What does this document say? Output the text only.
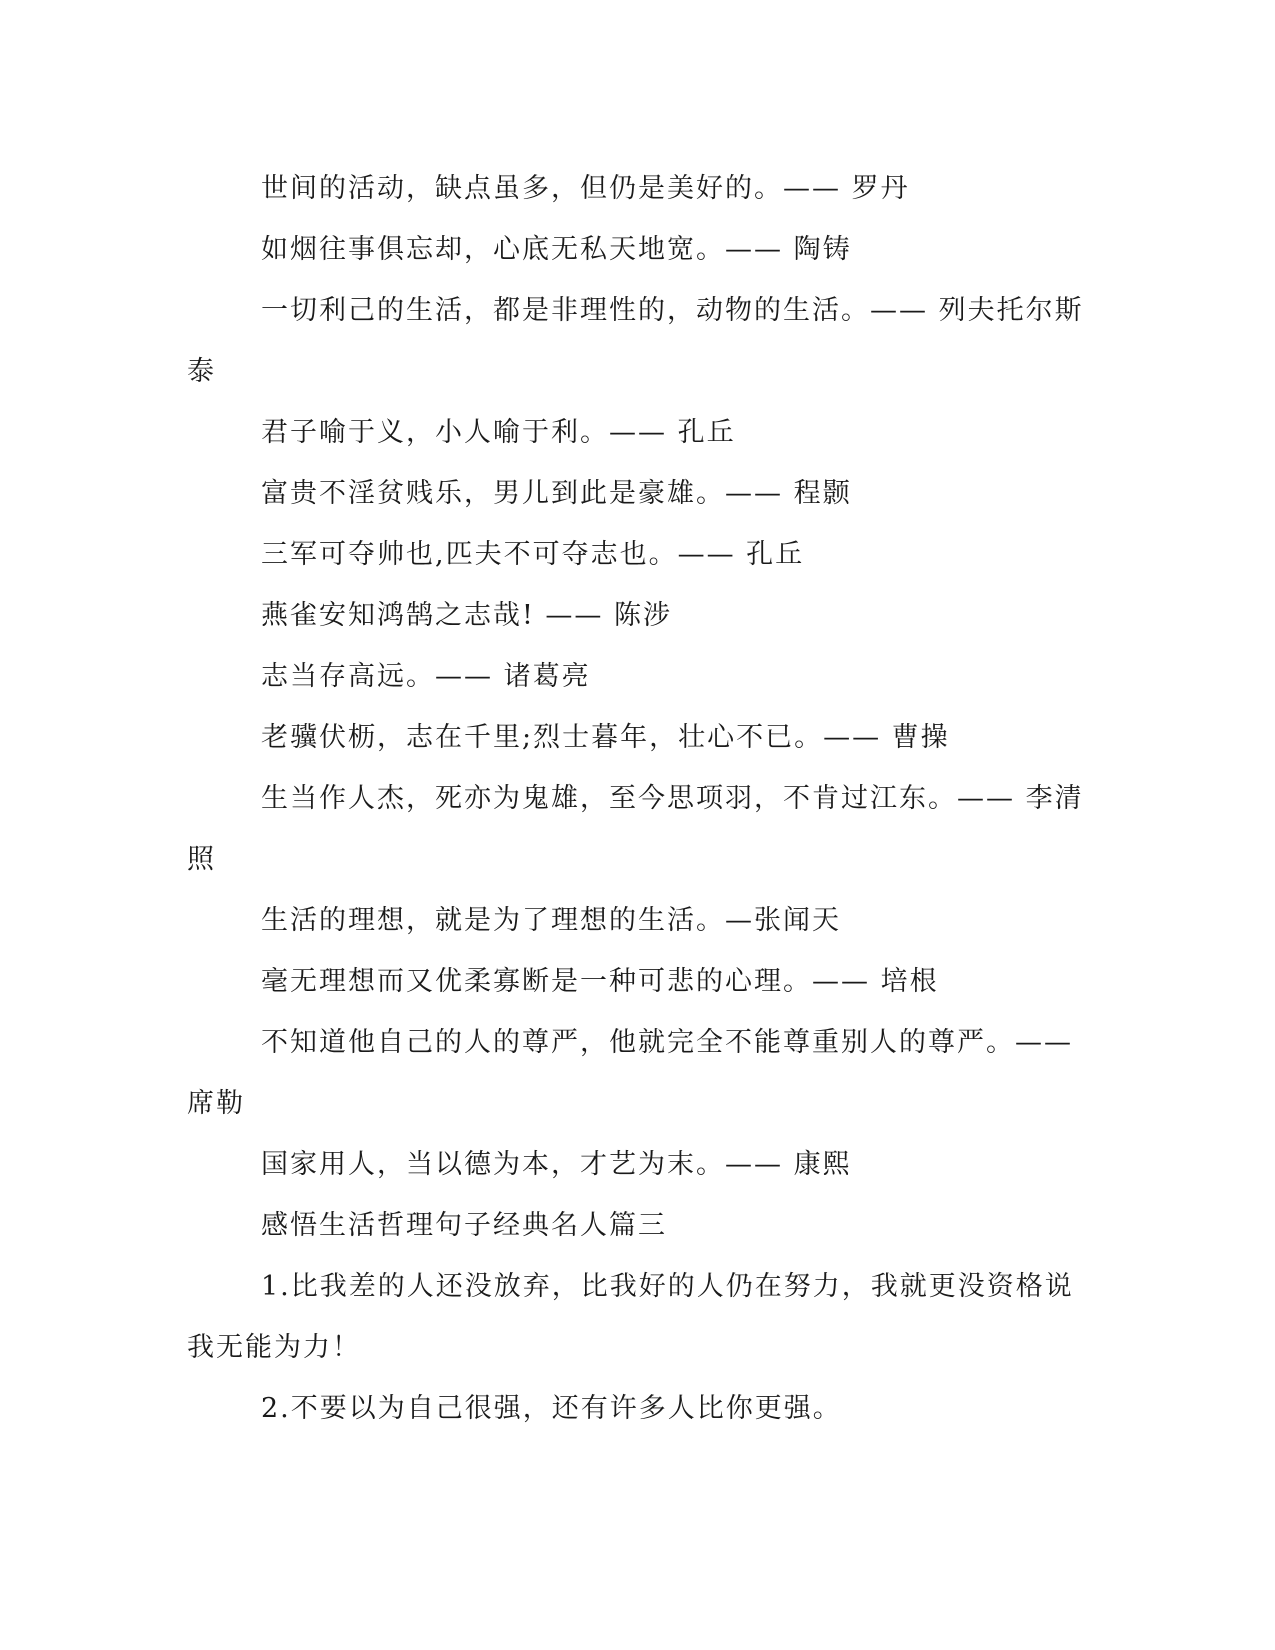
世间的活动，缺点虽多，但仍是美好的。—— 罗丹

如烟往事俱忘却，心底无私天地宽。—— 陶铸

一切利己的生活，都是非理性的，动物的生活。—— 列夫托尔斯泰

君子喻于义，小人喻于利。—— 孔丘

富贵不淫贫贱乐，男儿到此是豪雄。—— 程颢

三军可夺帅也,匹夫不可夺志也。—— 孔丘

燕雀安知鸿鹄之志哉! —— 陈涉

志当存高远。—— 诸葛亮

老骥伏枥，志在千里;烈士暮年，壮心不已。—— 曹操

生当作人杰，死亦为鬼雄，至今思项羽，不肯过江东。—— 李清照

生活的理想，就是为了理想的生活。—张闻天

毫无理想而又优柔寡断是一种可悲的心理。—— 培根

不知道他自己的人的尊严，他就完全不能尊重别人的尊严。——席勒

国家用人，当以德为本，才艺为末。—— 康熙

感悟生活哲理句子经典名人篇三

1.比我差的人还没放弃，比我好的人仍在努力，我就更没资格说我无能为力！

2.不要以为自己很强，还有许多人比你更强。
